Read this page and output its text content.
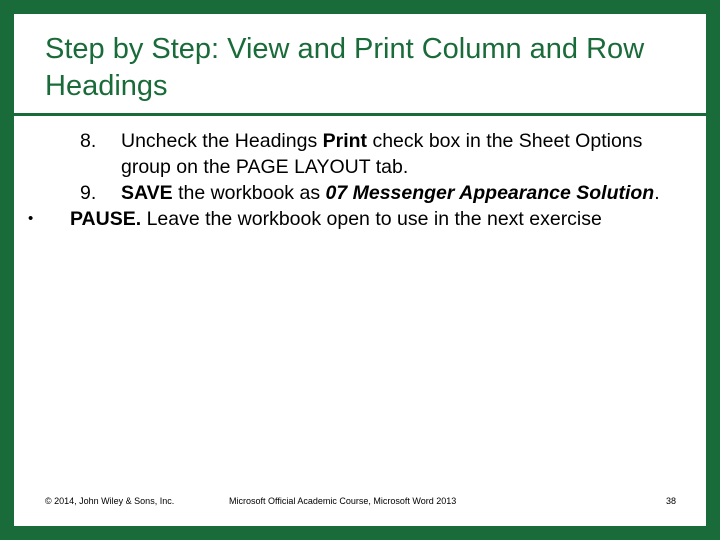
Step by Step: View and Print Column and Row Headings
8. Uncheck the Headings Print check box in the Sheet Options group on the PAGE LAYOUT tab.
9. SAVE the workbook as 07 Messenger Appearance Solution.
• PAUSE. Leave the workbook open to use in the next exercise
© 2014, John Wiley & Sons, Inc.	Microsoft Official Academic Course, Microsoft Word 2013	38
